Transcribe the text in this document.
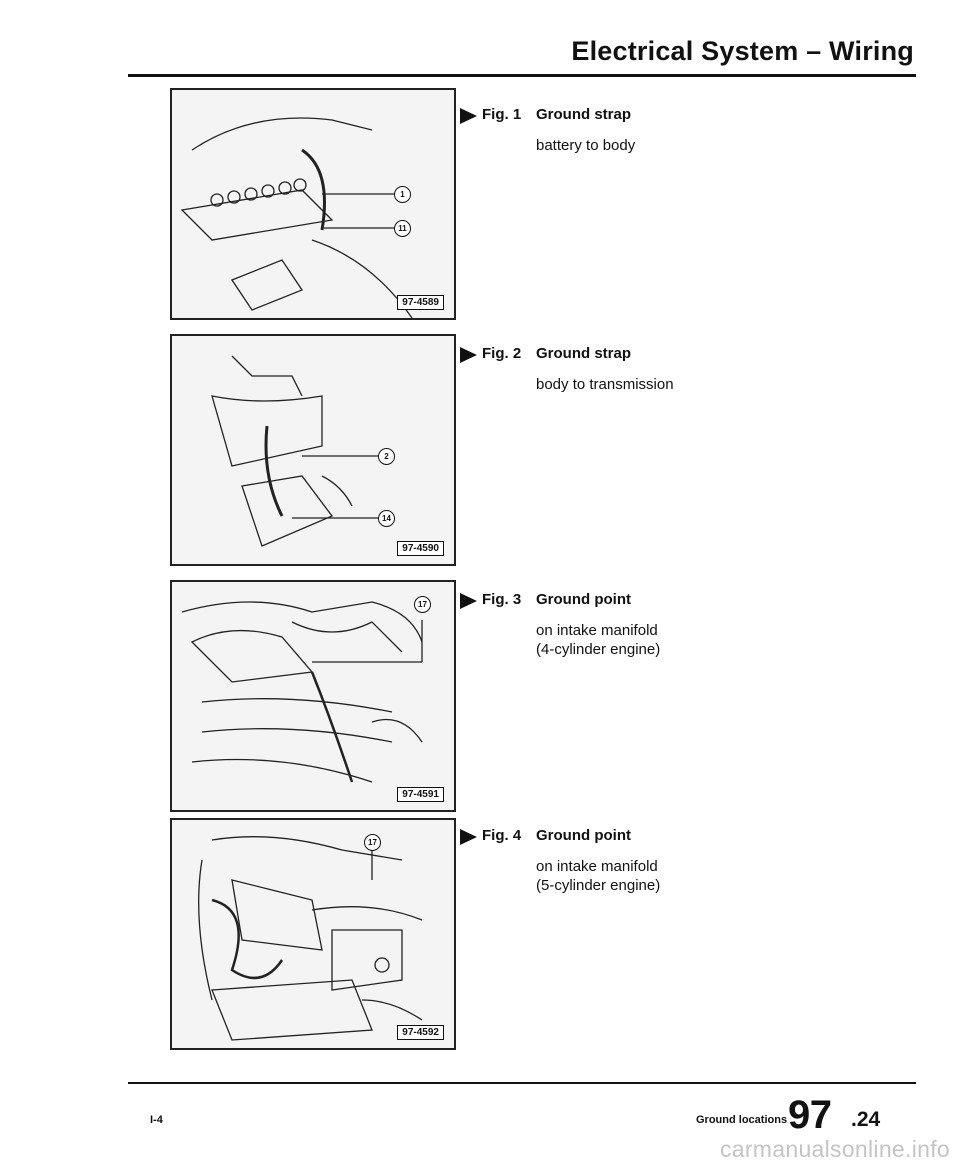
Electrical System – Wiring
1
11
97-4589
Fig. 1 Ground strap
battery to body
2
14
97-4590
Fig. 2 Ground strap
body to transmission
17
97-4591
Fig. 3 Ground point
on intake manifold
(4-cylinder engine)
17
97-4592
Fig. 4 Ground point
on intake manifold
(5-cylinder engine)
I-4	Ground locations 97 .24
carmanualsonline.info
